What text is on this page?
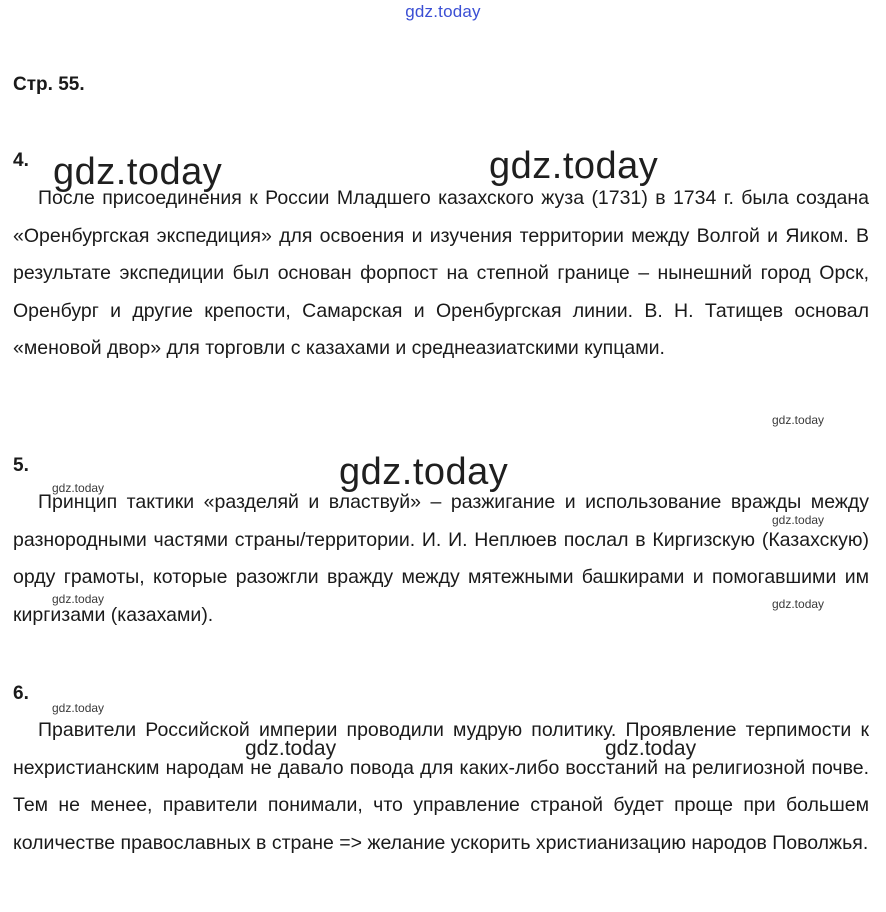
gdz.today
Стр. 55.
4.

После присоединения к России Младшего казахского жуза (1731) в 1734 г. была создана «Оренбургская экспедиция» для освоения и изучения территории между Волгой и Яиком. В результате экспедиции был основан форпост на степной границе – нынешний город Орск, Оренбург и другие крепости, Самарская и Оренбургская линии. В. Н. Татищев основал «меновой двор» для торговли с казахами и среднеазиатскими купцами.

5.

Принцип тактики «разделяй и властвуй» – разжигание и использование вражды между разнородными частями страны/территории. И. И. Неплюев послал в Киргизскую (Казахскую) орду грамоты, которые разожгли вражду между мятежными башкирами и помогавшими им киргизами (казахами).

6.

Правители Российской империи проводили мудрую политику. Проявление терпимости к нехристианским народам не давало повода для каких-либо восстаний на религиозной почве. Тем не менее, правители понимали, что управление страной будет проще при большем количестве православных в стране => желание ускорить христианизацию народов Поволжья.

gdz.today	gdz.today
gdz.today
gdz.today	gdz.today
gdz.today
gdz.today
gdz.today
gdz.today	gdz.today
gdz.today
